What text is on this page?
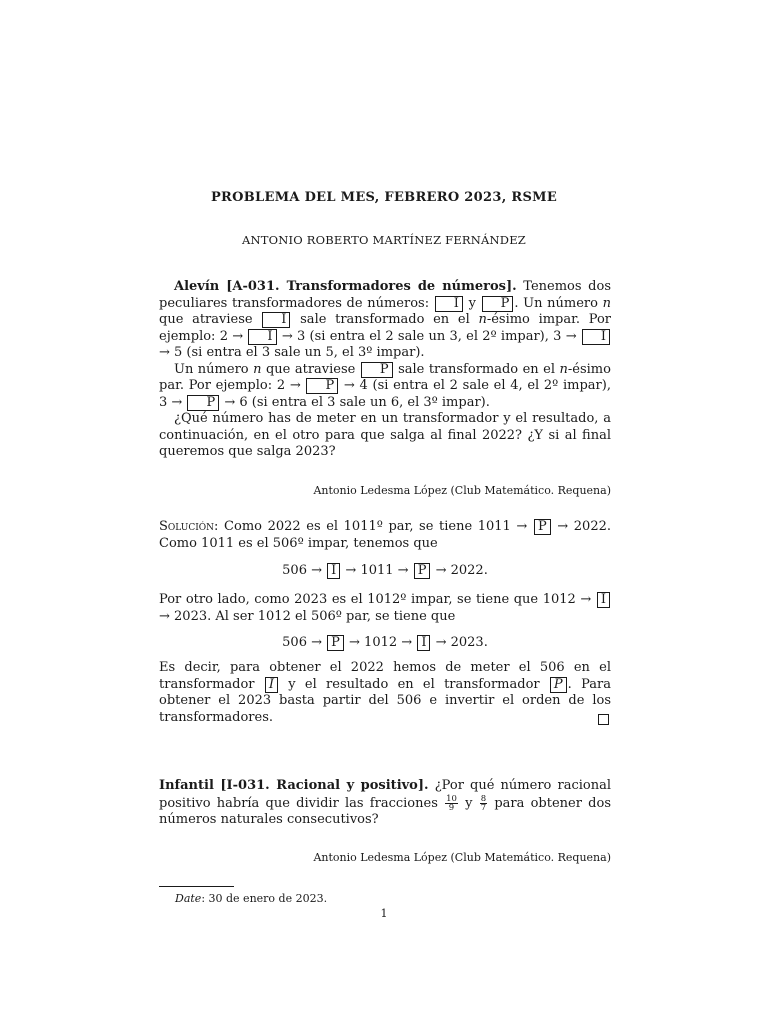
PROBLEMA DEL MES, FEBRERO 2023, RSME
ANTONIO ROBERTO MARTÍNEZ FERNÁNDEZ

Alevín [A-031. Transformadores de números]. Tenemos dos peculiares transformadores de números: I y P . Un número n que atraviese I sale transformado en el n-ésimo impar. Por ejemplo: 2 → I → 3 (si entra el 2 sale un 3, el 2º impar), 3 → I → 5 (si entra el 3 sale un 5, el 3º impar).

Un número n que atraviese P sale transformado en el n-ésimo par. Por ejemplo: 2 → P → 4 (si entra el 2 sale el 4, el 2º impar), 3 → P → 6 (si entra el 3 sale un 6, el 3º impar).

¿Qué número has de meter en un transformador y el resultado, a continuación, en el otro para que salga al final 2022? ¿Y si al final queremos que salga 2023?

Antonio Ledesma López (Club Matemático. Requena)

Solución: Como 2022 es el 1011º par, se tiene 1011 → P → 2022. Como 1011 es el 506º impar, tenemos que

506 → I → 1011 → P → 2022.

Por otro lado, como 2023 es el 1012º impar, se tiene que 1012 → I → 2023. Al ser 1012 el 506º par, se tiene que

506 → P → 1012 → I → 2023.

Es decir, para obtener el 2022 hemos de meter el 506 en el transformador I y el resultado en el transformador P . Para obtener el 2023 basta partir del 506 e invertir el orden de los transformadores.

Infantil [I-031. Racional y positivo]. ¿Por qué número racional positivo habría que dividir las fracciones $\frac{10}{9}$ y $\frac{8}{7}$ para obtener dos números naturales consecutivos?

Antonio Ledesma López (Club Matemático. Requena)
Date: 30 de enero de 2023.
1
